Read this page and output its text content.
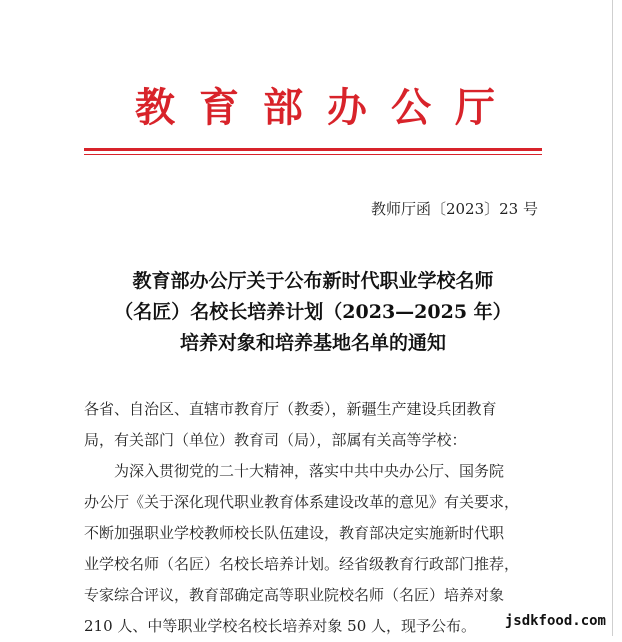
教育部办公厅
教师厅函〔2023〕23 号
教育部办公厅关于公布新时代职业学校名师
（名匠）名校长培养计划（2023—2025 年）
培养对象和培养基地名单的通知
各省、自治区、直辖市教育厅（教委），新疆生产建设兵团教育
局，有关部门（单位）教育司（局），部属有关高等学校：
为深入贯彻党的二十大精神，落实中共中央办公厅、国务院
办公厅《关于深化现代职业教育体系建设改革的意见》有关要求，
不断加强职业学校教师校长队伍建设，教育部决定实施新时代职
业学校名师（名匠）名校长培养计划。经省级教育行政部门推荐，
专家综合评议，教育部确定高等职业院校名师（名匠）培养对象
210 人、中等职业学校名校长培养对象 50 人，现予公布。	jsdkfood.com
